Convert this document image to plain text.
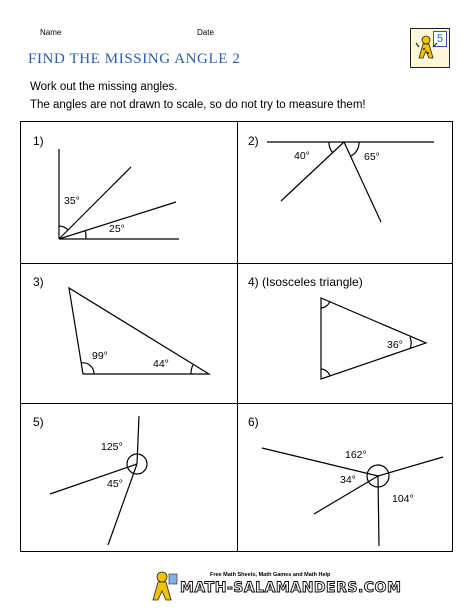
Name	Date
FIND THE MISSING ANGLE 2
5
Work out the missing angles.
The angles are not drawn to scale, so do not try to measure them!
1)
35°
25°
2)
40°	65°
3)
99°
44°
4) (Isosceles triangle)
36°
5)
125°
45°
6)
162°
34°
104°
Free Math Sheets, Math Games and Math Help
MATH-SALAMANDERS.COM
